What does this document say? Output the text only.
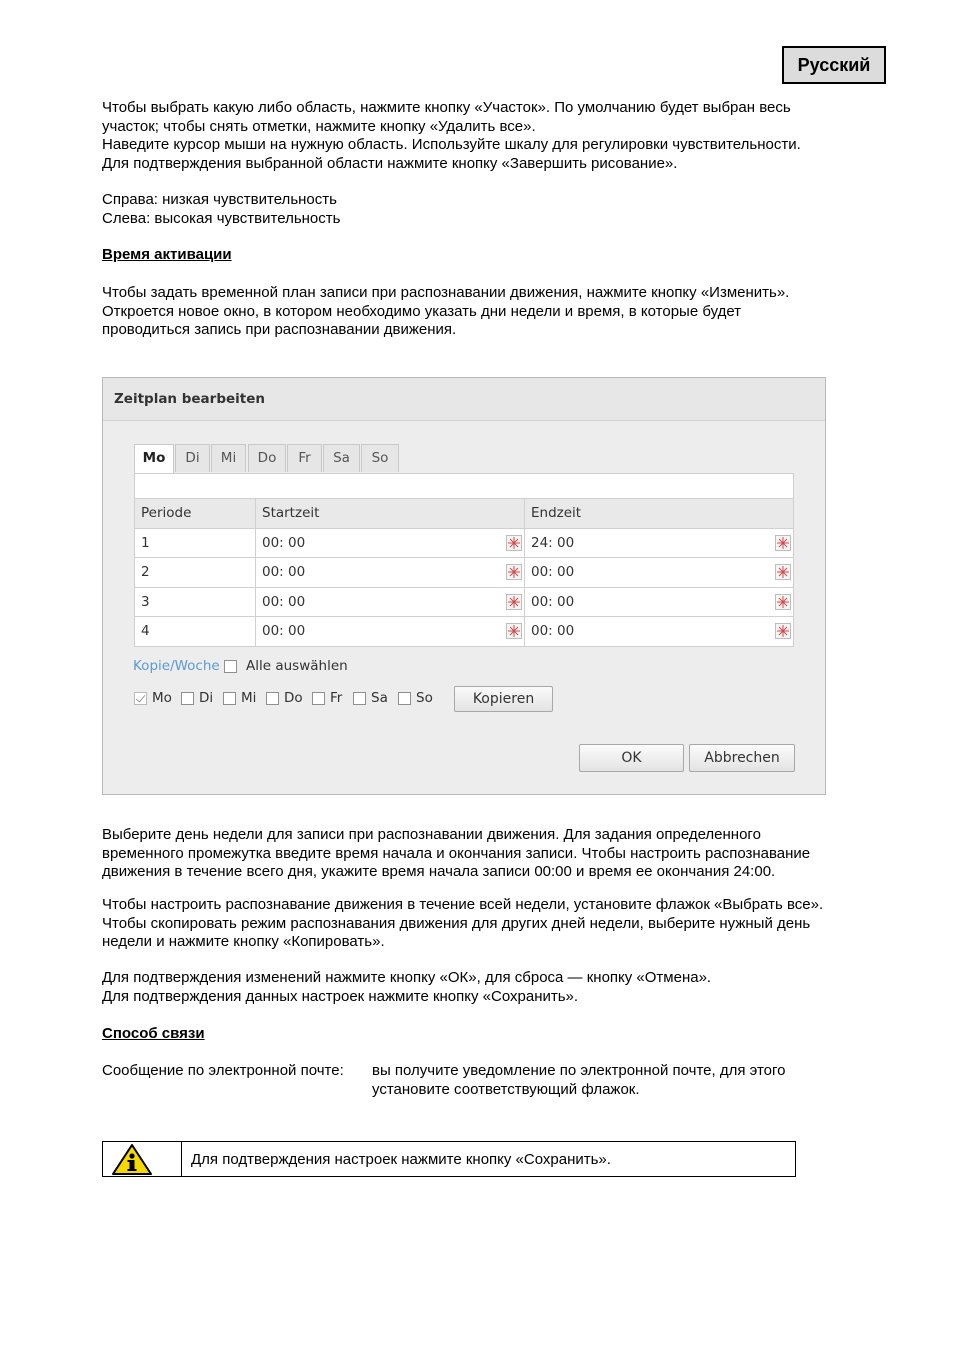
Русский
Чтобы выбрать какую либо область, нажмите кнопку «Участок». По умолчанию будет выбран весь
участок; чтобы снять отметки, нажмите кнопку «Удалить все».
Наведите курсор мыши на нужную область. Используйте шкалу для регулировки чувствительности.
Для подтверждения выбранной области нажмите кнопку «Завершить рисование».
Справа: низкая чувствительность
Слева: высокая чувствительность
Время активации
Чтобы задать временной план записи при распознавании движения, нажмите кнопку «Изменить».
Откроется новое окно, в котором необходимо указать дни недели и время, в которые будет
проводиться запись при распознавании движения.
Zeitplan bearbeiten
Mo	Di	Mi	Do	Fr	Sa	So
Periode	Startzeit	Endzeit
1	00: 00	24: 00

2	00: 00	00: 00

3	00: 00	00: 00

4	00: 00	00: 00
Kopie/Woche Alle auswählen
Mo Di Mi Do Fr Sa So	Kopieren
OK	Abbrechen
Выберите день недели для записи при распознавании движения. Для задания определенного
временного промежутка введите время начала и окончания записи. Чтобы настроить распознавание
движения в течение всего дня, укажите время начала записи 00:00 и время ее окончания 24:00.
Чтобы настроить распознавание движения в течение всей недели, установите флажок «Выбрать все».
Чтобы скопировать режим распознавания движения для других дней недели, выберите нужный день
недели и нажмите кнопку «Копировать».
Для подтверждения изменений нажмите кнопку «ОК», для сброса — кнопку «Отмена».
Для подтверждения данных настроек нажмите кнопку «Сохранить».
Способ связи
Сообщение по электронной почте: вы получите уведомление по электронной почте, для этого
установите соответствующий флажок.
Для подтверждения настроек нажмите кнопку «Сохранить».
